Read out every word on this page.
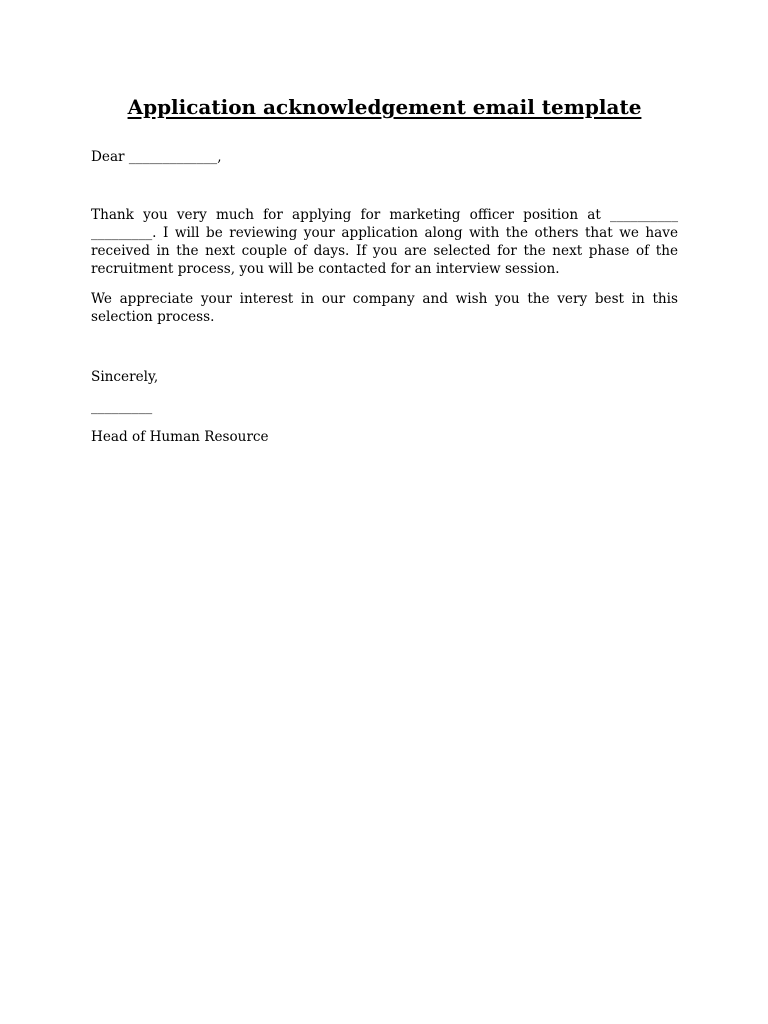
Application acknowledgement email template

Dear _____________,

Thank you very much for applying for marketing officer position at __________ _________. I will be reviewing your application along with the others that we have received in the next couple of days. If you are selected for the next phase of the recruitment process, you will be contacted for an interview session.

We appreciate your interest in our company and wish you the very best in this selection process.

Sincerely,

_________

Head of Human Resource
